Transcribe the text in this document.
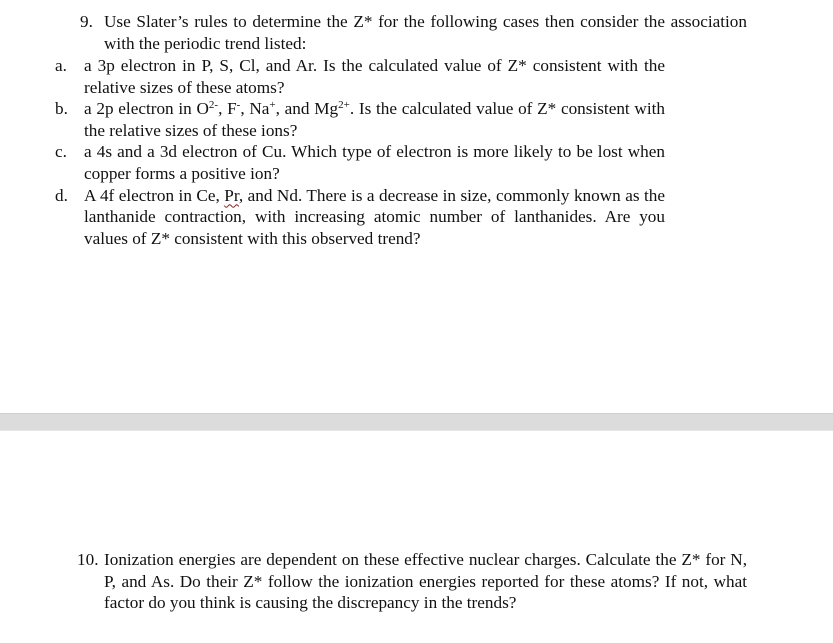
9. Use Slater’s rules to determine the Z* for the following cases then consider the association with the periodic trend listed:
a. a 3p electron in P, S, Cl, and Ar. Is the calculated value of Z* consistent with the relative sizes of these atoms?
b. a 2p electron in $O^{2-}$, F-, Na+, and $Mg^{2+}$. Is the calculated value of Z* consistent with the relative sizes of these ions?
c. a 4s and a 3d electron of Cu. Which type of electron is more likely to be lost when copper forms a positive ion?
d. A 4f electron in Ce, Pr, and Nd. There is a decrease in size, commonly known as the lanthanide contraction, with increasing atomic number of lanthanides. Are you values of Z* consistent with this observed trend?
10. Ionization energies are dependent on these effective nuclear charges. Calculate the Z* for N, P, and As. Do their Z* follow the ionization energies reported for these atoms? If not, what factor do you think is causing the discrepancy in the trends?
